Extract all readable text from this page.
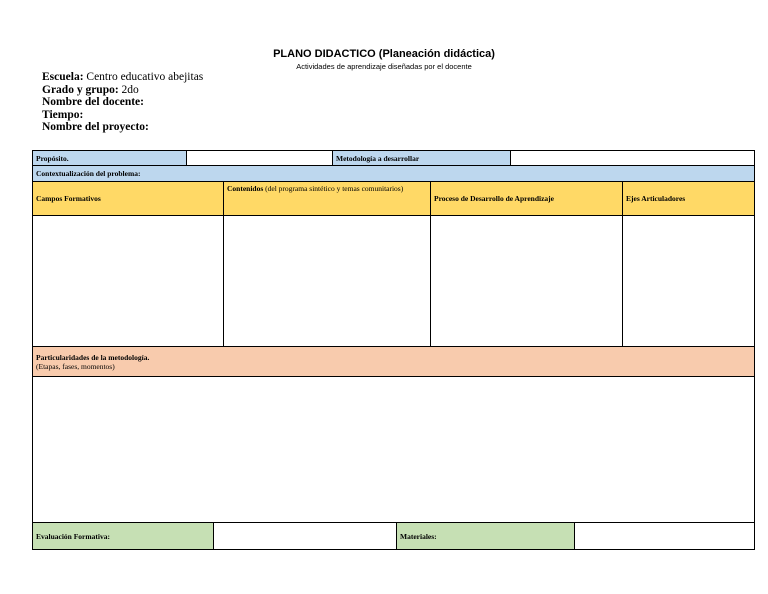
PLANO DIDACTICO (Planeación didáctica)
Actividades de aprendizaje diseñadas por el docente
Escuela: Centro educativo abejitas
Grado y grupo: 2do
Nombre del docente:
Tiempo:
Nombre del proyecto:
Propósito.		Metodología a desarrollar	
Contextualización del problema:
Campos Formativos	Contenidos (del programa sintético y temas comunitarios)	Proceso de Desarrollo de Aprendizaje	Ejes Articuladores

Particularidades de la metodología.
(Etapas, fases, momentos)

Evaluación Formativa:		Materiales:	
